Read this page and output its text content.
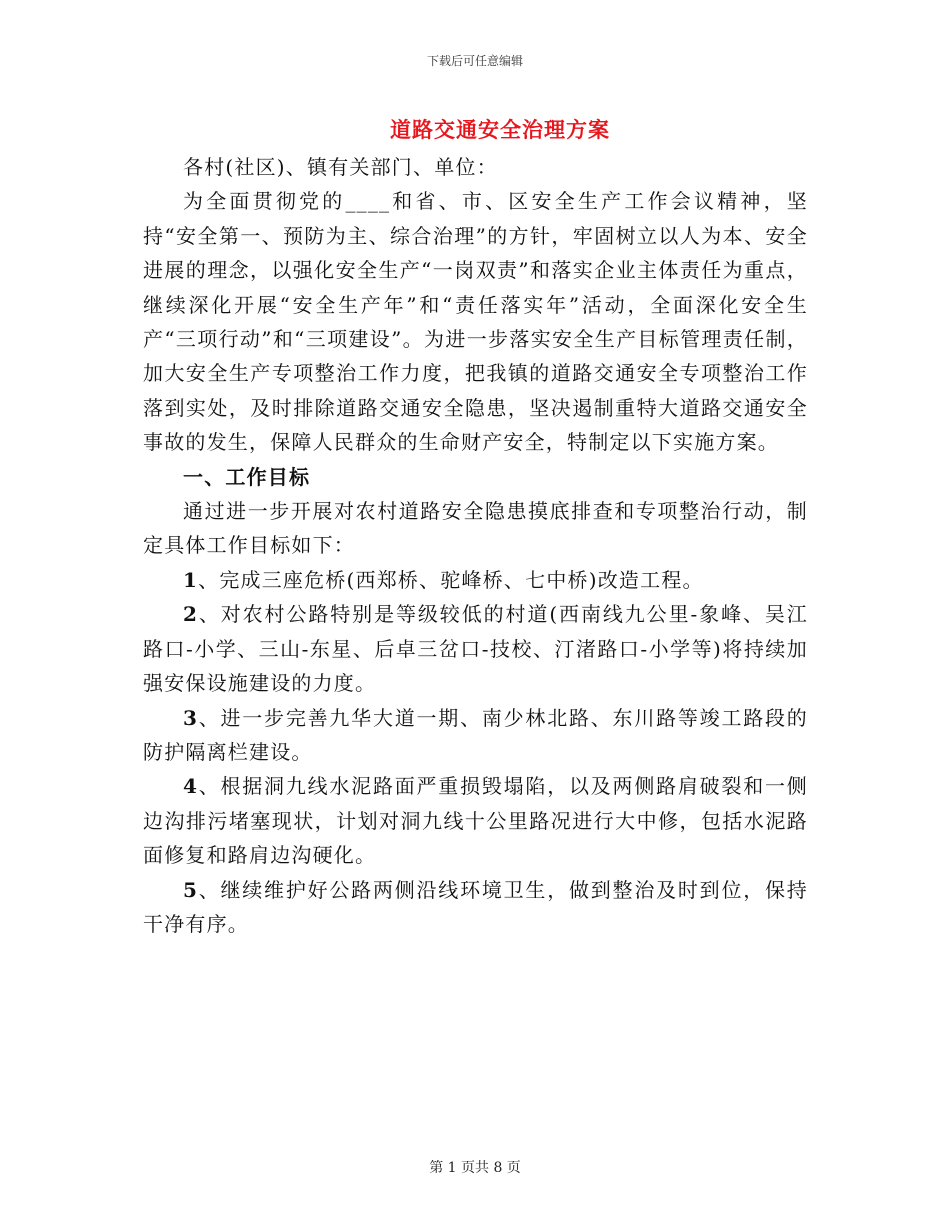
下载后可任意编辑
道路交通安全治理方案

各村(社区)、镇有关部门、单位：

为全面贯彻党的____和省、市、区安全生产工作会议精神，坚持“安全第一、预防为主、综合治理”的方针，牢固树立以人为本、安全进展的理念，以强化安全生产“一岗双责”和落实企业主体责任为重点，继续深化开展“安全生产年”和“责任落实年”活动，全面深化安全生产“三项行动”和“三项建设”。为进一步落实安全生产目标管理责任制，加大安全生产专项整治工作力度，把我镇的道路交通安全专项整治工作落到实处，及时排除道路交通安全隐患，坚决遏制重特大道路交通安全事故的发生，保障人民群众的生命财产安全，特制定以下实施方案。

一、工作目标

通过进一步开展对农村道路安全隐患摸底排查和专项整治行动，制定具体工作目标如下：

1、完成三座危桥(西郑桥、驼峰桥、七中桥)改造工程。

2、对农村公路特别是等级较低的村道(西南线九公里-象峰、吴江路口-小学、三山-东星、后卓三岔口-技校、汀渚路口-小学等)将持续加强安保设施建设的力度。

3、进一步完善九华大道一期、南少林北路、东川路等竣工路段的防护隔离栏建设。

4、根据洞九线水泥路面严重损毁塌陷，以及两侧路肩破裂和一侧边沟排污堵塞现状，计划对洞九线十公里路况进行大中修，包括水泥路面修复和路肩边沟硬化。

5、继续维护好公路两侧沿线环境卫生，做到整治及时到位，保持干净有序。

第 1 页共 8 页
